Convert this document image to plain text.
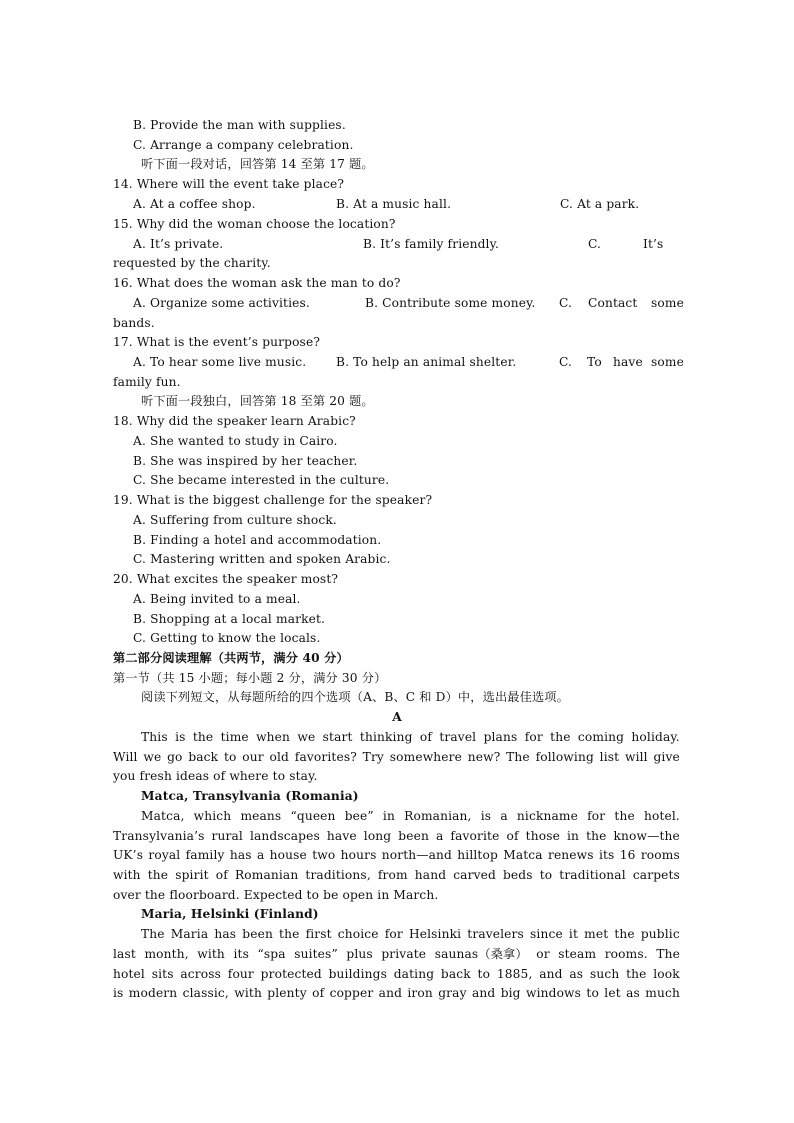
B. Provide the man with supplies.
C. Arrange a company celebration.
听下面一段对话，回答第 14 至第 17 题。
14. Where will the event take place?
A. At a coffee shop.	B. At a music hall.	C. At a park.
15. Why did the woman choose the location?
A. It’s private.	B. It’s family friendly.	C.	It’s
requested by the charity.
16. What does the woman ask the man to do?
A. Organize some activities.	B. Contribute some money. C. Contact some
bands.
17. What is the event’s purpose?
A. To hear some live music. B. To help an animal shelter.	C. To have some
family fun.
听下面一段独白，回答第 18 至第 20 题。
18. Why did the speaker learn Arabic?
A. She wanted to study in Cairo.
B. She was inspired by her teacher.
C. She became interested in the culture.
19. What is the biggest challenge for the speaker?
A. Suffering from culture shock.
B. Finding a hotel and accommodation.
C. Mastering written and spoken Arabic.
20. What excites the speaker most?
A. Being invited to a meal.
B. Shopping at a local market.
C. Getting to know the locals.
第二部分阅读理解（共两节，满分 40 分）
第一节（共 15 小题；每小题 2 分，满分 30 分）
阅读下列短文，从每题所给的四个选项（A、B、C 和 D）中，选出最佳选项。
A
This is the time when we start thinking of travel plans for the coming holiday.
Will we go back to our old favorites? Try somewhere new? The following list will give
you fresh ideas of where to stay.
Matca, Transylvania (Romania)
Matca, which means “queen bee” in Romanian, is a nickname for the hotel.
Transylvania’s rural landscapes have long been a favorite of those in the know—the
UK’s royal family has a house two hours north—and hilltop Matca renews its 16 rooms
with the spirit of Romanian traditions, from hand carved beds to traditional carpets
over the floorboard. Expected to be open in March.
Maria, Helsinki (Finland)
The Maria has been the first choice for Helsinki travelers since it met the public
last month, with its “spa suites” plus private saunas（桑拿） or steam rooms. The
hotel sits across four protected buildings dating back to 1885, and as such the look
is modern classic, with plenty of copper and iron gray and big windows to let as much
